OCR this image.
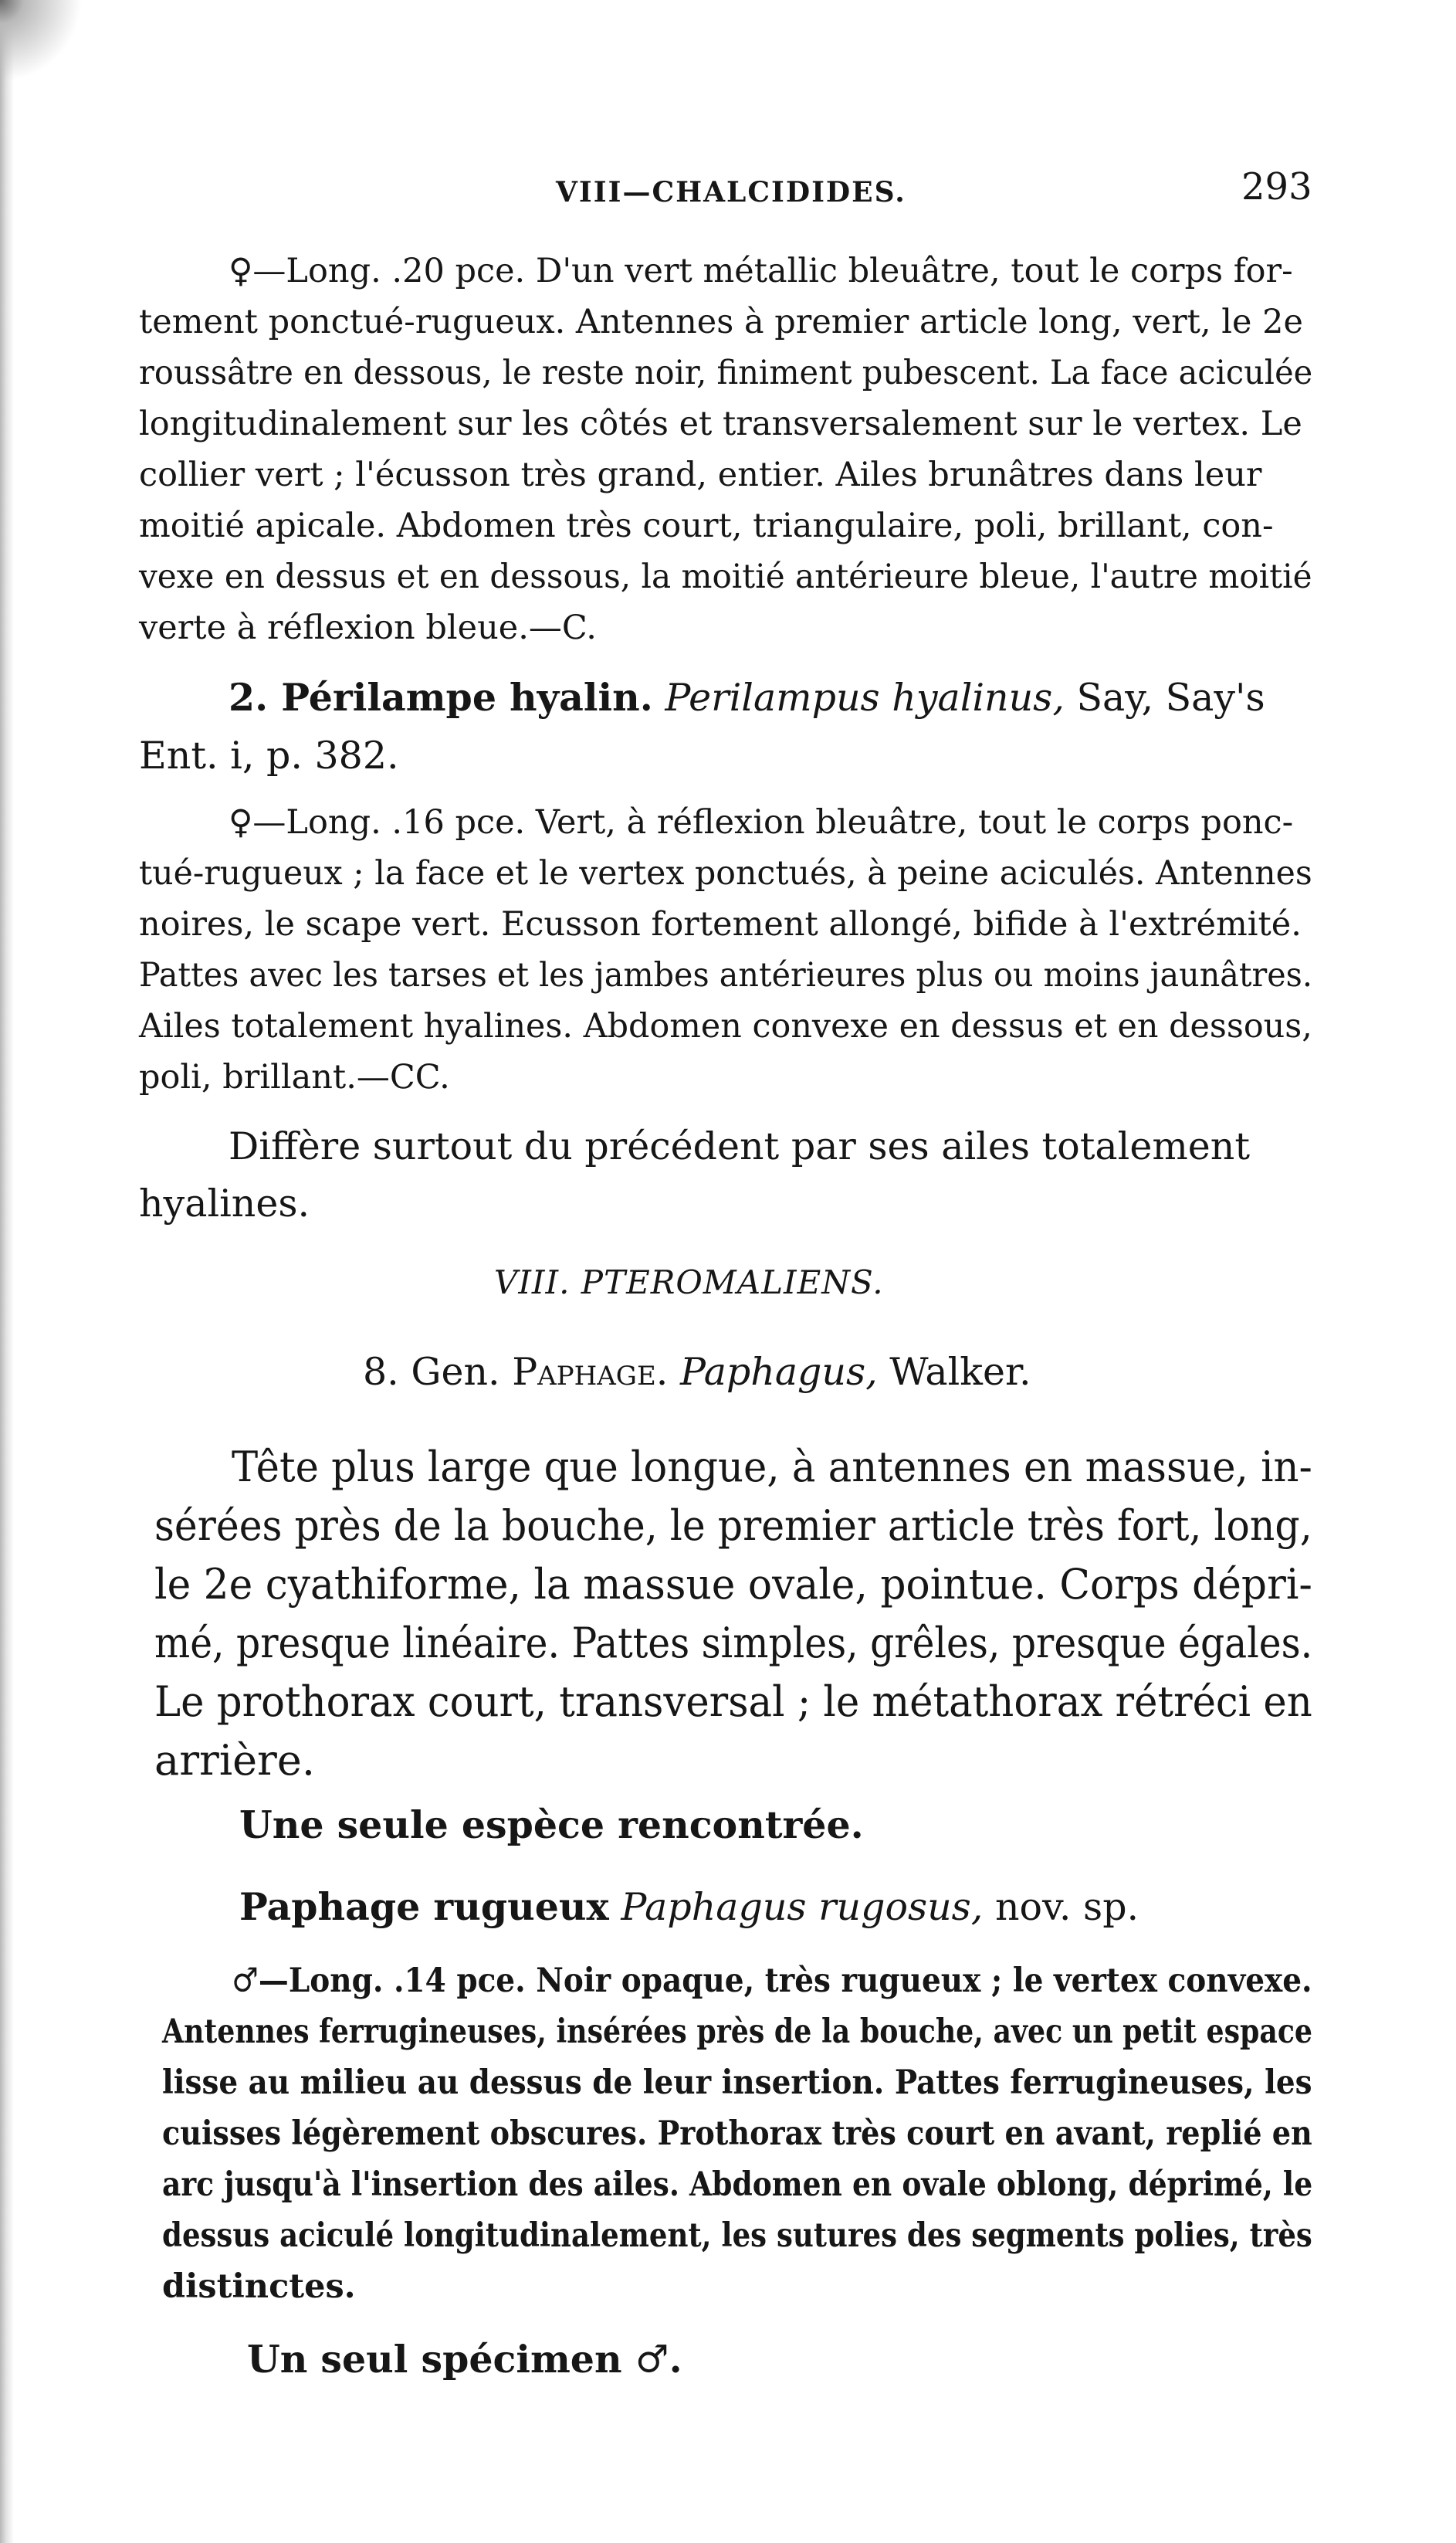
VIII—CHALCIDIDES.	293

♀—Long. .20 pce. D'un vert métallic bleuâtre, tout le corps for-

tement ponctué-rugueux. Antennes à premier article long, vert, le 2e

roussâtre en dessous, le reste noir, finiment pubescent. La face aciculée

longitudinalement sur les côtés et transversalement sur le vertex. Le

collier vert ; l'écusson très grand, entier. Ailes brunâtres dans leur

moitié apicale. Abdomen très court, triangulaire, poli, brillant, con-

vexe en dessus et en dessous, la moitié antérieure bleue, l'autre moitié

verte à réflexion bleue.—C.

2. Périlampe hyalin. Perilampus hyalinus, Say, Say's

Ent. i, p. 382.

♀—Long. .16 pce. Vert, à réflexion bleuâtre, tout le corps ponc-

tué-rugueux ; la face et le vertex ponctués, à peine aciculés. Antennes

noires, le scape vert. Ecusson fortement allongé, bifide à l'extrémité.

Pattes avec les tarses et les jambes antérieures plus ou moins jaunâtres.

Ailes totalement hyalines. Abdomen convexe en dessus et en dessous,

poli, brillant.—CC.

Diffère surtout du précédent par ses ailes totalement

hyalines.

VIII. PTEROMALIENS.

8. Gen. Paphage. Paphagus, Walker.

Tête plus large que longue, à antennes en massue, in-

sérées près de la bouche, le premier article très fort, long,

le 2e cyathiforme, la massue ovale, pointue. Corps dépri-

mé, presque linéaire. Pattes simples, grêles, presque égales.

Le prothorax court, transversal ; le métathorax rétréci en

arrière.

Une seule espèce rencontrée.

Paphage rugueux Paphagus rugosus, nov. sp.

♂—Long. .14 pce. Noir opaque, très rugueux ; le vertex convexe.

Antennes ferrugineuses, insérées près de la bouche, avec un petit espace

lisse au milieu au dessus de leur insertion. Pattes ferrugineuses, les

cuisses légèrement obscures. Prothorax très court en avant, replié en

arc jusqu'à l'insertion des ailes. Abdomen en ovale oblong, déprimé, le

dessus aciculé longitudinalement, les sutures des segments polies, très

distinctes.

Un seul spécimen ♂.
